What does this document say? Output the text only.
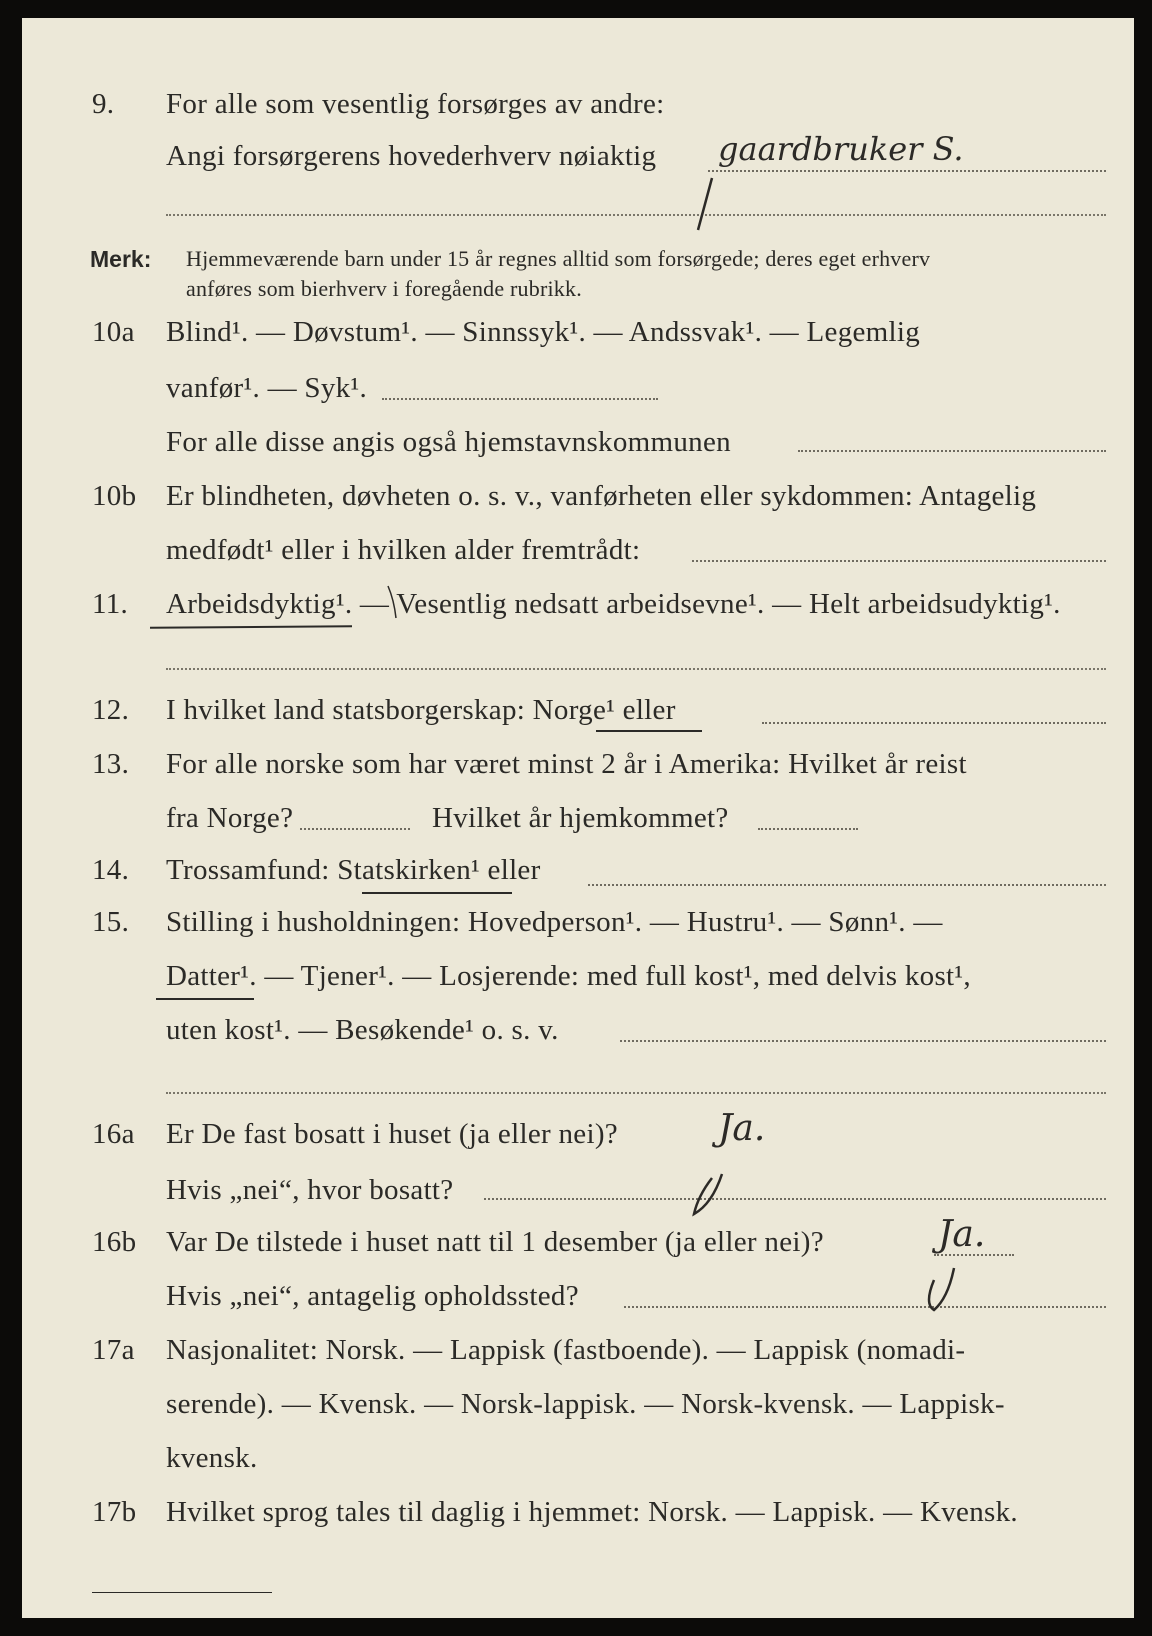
9. For alle som vesentlig forsørges av andre:
Angi forsørgerens hovederhverv nøiaktig gaardbruker S.
Merk: Hjemmeværende barn under 15 år regnes alltid som forsørgede; deres eget erhverv
anføres som bierhverv i foregående rubrikk.
10a Blind¹. — Døvstum¹. — Sinnssyk¹. — Andssvak¹. — Legemlig
vanfør¹. — Syk¹.
For alle disse angis også hjemstavnskommunen
10b Er blindheten, døvheten o. s. v., vanførheten eller sykdommen: Antagelig
medfødt¹ eller i hvilken alder fremtrådt:
11. Arbeidsdyktig¹. — Vesentlig nedsatt arbeidsevne¹. — Helt arbeidsudyktig¹.
12. I hvilket land statsborgerskap: Norge¹ eller
13. For alle norske som har været minst 2 år i Amerika: Hvilket år reist
fra Norge?	Hvilket år hjemkommet?
14. Trossamfund: Statskirken¹ eller
15. Stilling i husholdningen: Hovedperson¹. — Hustru¹. — Sønn¹. —
Datter¹. — Tjener¹. — Losjerende: med full kost¹, med delvis kost¹,
uten kost¹. — Besøkende¹ o. s. v.
16a Er De fast bosatt i huset (ja eller nei)?	Ja.
Hvis „nei“, hvor bosatt?
16b Var De tilstede i huset natt til 1 desember (ja eller nei)?	Ja.
Hvis „nei“, antagelig opholdssted?
17a Nasjonalitet: Norsk. — Lappisk (fastboende). — Lappisk (nomadi-
serende). — Kvensk. — Norsk-lappisk. — Norsk-kvensk. — Lappisk-
kvensk.
17b Hvilket sprog tales til daglig i hjemmet: Norsk. — Lappisk. — Kvensk.
